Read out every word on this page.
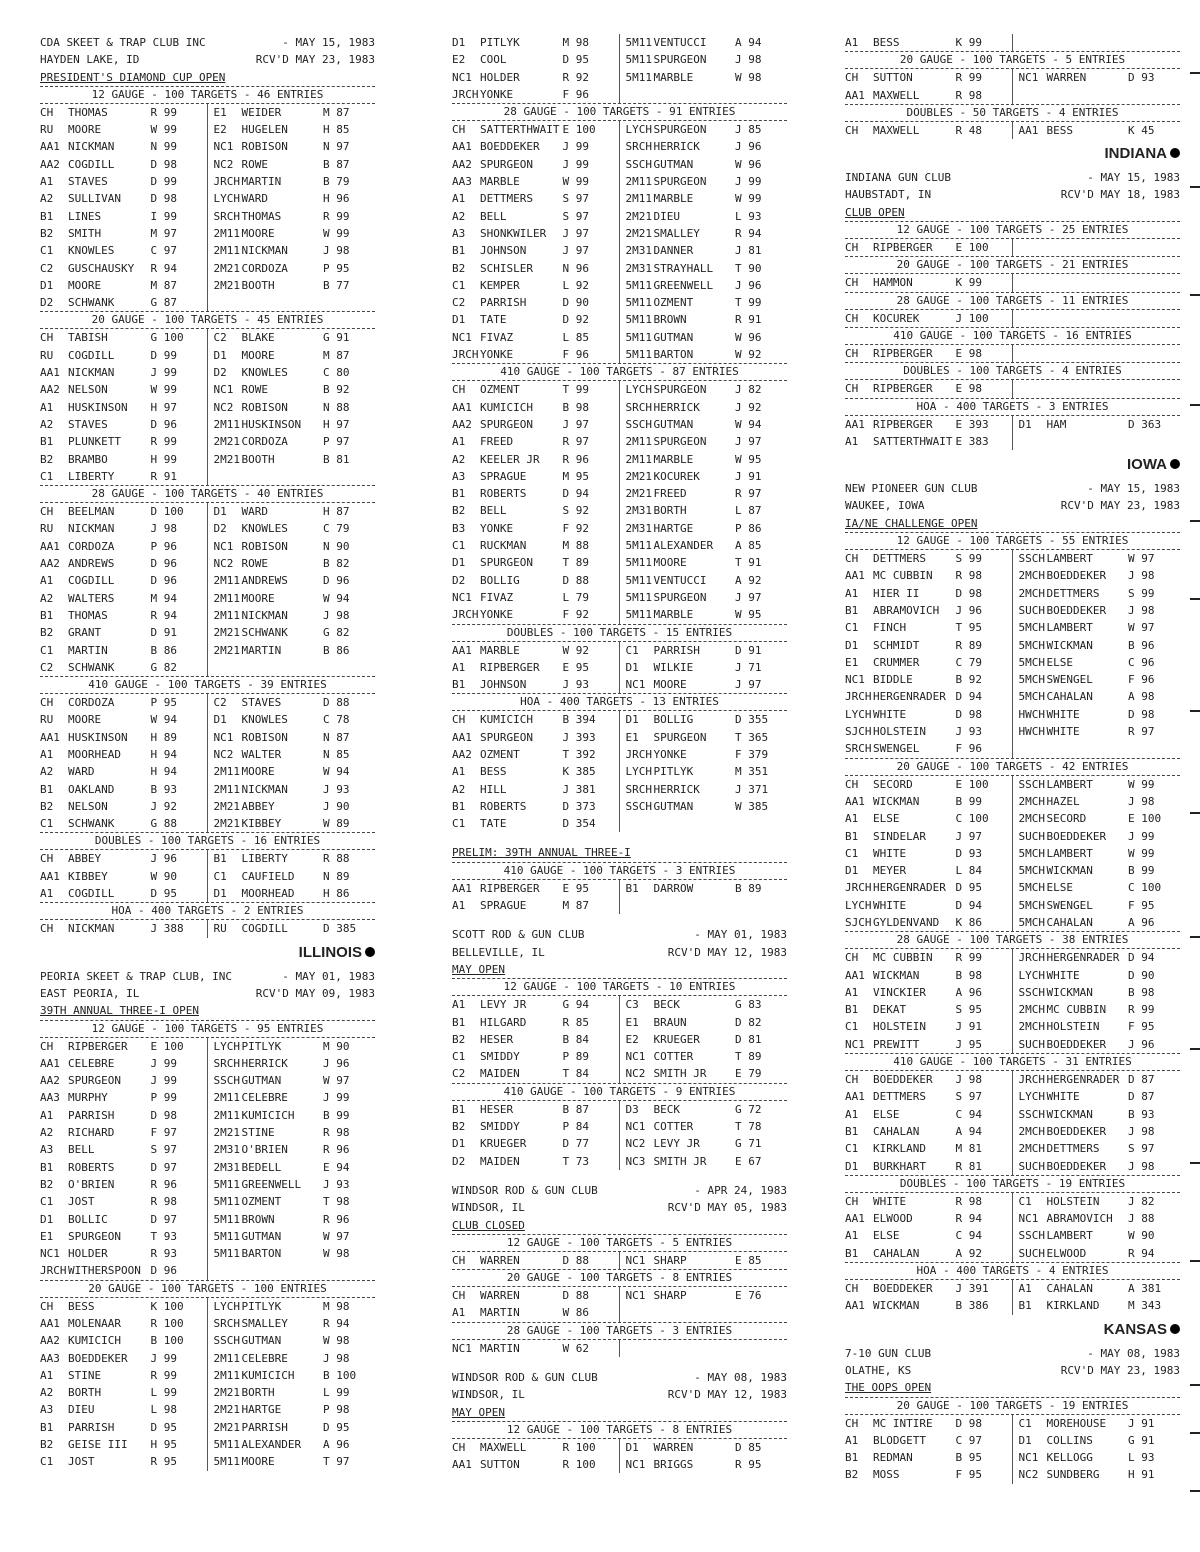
CDA SKEET & TRAP CLUB INC	- MAY 15, 1983
HAYDEN LAKE, ID	RCV'D MAY 23, 1983
PRESIDENT'S DIAMOND CUP OPEN
12 GAUGE - 100 TARGETS - 46 ENTRIES
CH	THOMAS	R 99	E1	WEIDER	M 87
RU	MOORE	W 99	E2	HUGELEN	H 85
AA1 NICKMAN	N 99	NC1 ROBISON	N 97
AA2 COGDILL	D 98	NC2 ROWE	B 87
A1	STAVES	D 99	JRCH MARTIN	B 79
A2	SULLIVAN	D 98	LYCH WARD	H 96
B1	LINES	I 99	SRCH THOMAS	R 99
B2	SMITH	M 97	2M11 MOORE	W 99
C1	KNOWLES	C 97	2M11 NICKMAN	J 98
C2	GUSCHAUSKY	R 94	2M21 CORDOZA	P 95
D1	MOORE	M 87	2M21 BOOTH	B 77
D2	SCHWANK	G 87
20 GAUGE - 100 TARGETS - 45 ENTRIES
CH	TABISH	G 100	C2	BLAKE	G 91
RU	COGDILL	D 99	D1	MOORE	M 87
AA1 NICKMAN	J 99	D2	KNOWLES	C 80
AA2 NELSON	W 99	NC1 ROWE	B 92
A1	HUSKINSON	H 97	NC2 ROBISON	N 88
A2	STAVES	D 96	2M11 HUSKINSON	H 97
B1	PLUNKETT	R 99	2M21 CORDOZA	P 97
B2	BRAMBO	H 99	2M21 BOOTH	B 81
C1	LIBERTY	R 91
28 GAUGE - 100 TARGETS - 40 ENTRIES
CH	BEELMAN	D 100	D1	WARD	H 87
RU	NICKMAN	J 98	D2	KNOWLES	C 79
AA1 CORDOZA	P 96	NC1 ROBISON	N 90
AA2 ANDREWS	D 96	NC2 ROWE	B 82
A1	COGDILL	D 96	2M11 ANDREWS	D 96
A2	WALTERS	M 94	2M11 MOORE	W 94
B1	THOMAS	R 94	2M11 NICKMAN	J 98
B2	GRANT	D 91	2M21 SCHWANK	G 82
C1	MARTIN	B 86	2M21 MARTIN	B 86
C2	SCHWANK	G 82
410 GAUGE - 100 TARGETS - 39 ENTRIES
CH	CORDOZA	P 95	C2	STAVES	D 88
RU	MOORE	W 94	D1	KNOWLES	C 78
AA1 HUSKINSON	H 89	NC1 ROBISON	N 87
A1	MOORHEAD	H 94	NC2 WALTER	N 85
A2	WARD	H 94	2M11 MOORE	W 94
B1	OAKLAND	B 93	2M11 NICKMAN	J 93
B2	NELSON	J 92	2M21 ABBEY	J 90
C1	SCHWANK	G 88	2M21 KIBBEY	W 89
DOUBLES - 100 TARGETS - 16 ENTRIES
CH	ABBEY	J 96	B1	LIBERTY	R 88
AA1 KIBBEY	W 90	C1	CAUFIELD	N 89
A1	COGDILL	D 95	D1	MOORHEAD	H 86
HOA - 400 TARGETS - 2 ENTRIES
CH	NICKMAN	J 388	RU	COGDILL	D 385
ILLINOIS
PEORIA SKEET & TRAP CLUB, INC	- MAY 01, 1983
EAST PEORIA, IL	RCV'D MAY 09, 1983
39TH ANNUAL THREE-I OPEN
12 GAUGE - 100 TARGETS - 95 ENTRIES
CH	RIPBERGER	E 100	LYCH PITLYK	M 90
AA1 CELEBRE	J 99	SRCH HERRICK	J 96
AA2 SPURGEON	J 99	SSCH GUTMAN	W 97
AA3 MURPHY	P 99	2M11 CELEBRE	J 99
A1	PARRISH	D 98	2M11 KUMICICH	B 99
A2	RICHARD	F 97	2M21 STINE	R 98
A3	BELL	S 97	2M31 O'BRIEN	R 96
B1	ROBERTS	D 97	2M31 BEDELL	E 94
B2	O'BRIEN	R 96	5M11 GREENWELL	J 93
C1	JOST	R 98	5M11 OZMENT	T 98
D1	BOLLIC	D 97	5M11 BROWN	R 96
E1	SPURGEON	T 93	5M11 GUTMAN	W 97
NC1 HOLDER	R 93	5M11 BARTON	W 98
JRCH WITHERSPOON D 96
20 GAUGE - 100 TARGETS - 100 ENTRIES
CH	BESS	K 100	LYCH PITLYK	M 98
AA1 MOLENAAR	R 100	SRCH SMALLEY	R 94
AA2 KUMICICH	B 100	SSCH GUTMAN	W 98
AA3 BOEDDEKER	J 99	2M11 CELEBRE	J 98
A1	STINE	R 99	2M11 KUMICICH	B 100
A2	BORTH	L 99	2M21 BORTH	L 99
A3	DIEU	L 98	2M21 HARTGE	P 98
B1	PARRISH	D 95	2M21 PARRISH	D 95
B2	GEISE III	H 95	5M11 ALEXANDER	A 96
C1	JOST	R 95	5M11 MOORE	T 97
D1	PITLYK	M 98	5M11 VENTUCCI	A 94
E2	COOL	D 95	5M11 SPURGEON	J 98
NC1 HOLDER	R 92	5M11 MARBLE	W 98
JRCH YONKE	F 96
28 GAUGE - 100 TARGETS - 91 ENTRIES
CH	SATTERTHWAIT E 100	LYCH SPURGEON	J 85
AA1 BOEDDEKER	J 99	SRCH HERRICK	J 96
AA2 SPURGEON	J 99	SSCH GUTMAN	W 96
AA3 MARBLE	W 99	2M11 SPURGEON	J 99
A1	DETTMERS	S 97	2M11 MARBLE	W 99
A2	BELL	S 97	2M21 DIEU	L 93
A3	SHONKWILER	J 97	2M21 SMALLEY	R 94
B1	JOHNSON	J 97	2M31 DANNER	J 81
B2	SCHISLER	N 96	2M31 STRAYHALL	T 90
C1	KEMPER	L 92	5M11 GREENWELL	J 96
C2	PARRISH	D 90	5M11 OZMENT	T 99
D1	TATE	D 92	5M11 BROWN	R 91
NC1 FIVAZ	L 85	5M11 GUTMAN	W 96
JRCH YONKE	F 96	5M11 BARTON	W 92
410 GAUGE - 100 TARGETS - 87 ENTRIES
CH	OZMENT	T 99	LYCH SPURGEON	J 82
AA1 KUMICICH	B 98	SRCH HERRICK	J 92
AA2 SPURGEON	J 97	SSCH GUTMAN	W 94
A1	FREED	R 97	2M11 SPURGEON	J 97
A2	KEELER JR	R 96	2M11 MARBLE	W 95
A3	SPRAGUE	M 95	2M21 KOCUREK	J 91
B1	ROBERTS	D 94	2M21 FREED	R 97
B2	BELL	S 92	2M31 BORTH	L 87
B3	YONKE	F 92	2M31 HARTGE	P 86
C1	RUCKMAN	M 88	5M11 ALEXANDER	A 85
D1	SPURGEON	T 89	5M11 MOORE	T 91
D2	BOLLIG	D 88	5M11 VENTUCCI	A 92
NC1 FIVAZ	L 79	5M11 SPURGEON	J 97
JRCH YONKE	F 92	5M11 MARBLE	W 95
DOUBLES - 100 TARGETS - 15 ENTRIES
AA1 MARBLE	W 92	C1	PARRISH	D 91
A1	RIPBERGER	E 95	D1	WILKIE	J 71
B1	JOHNSON	J 93	NC1 MOORE	J 97
HOA - 400 TARGETS - 13 ENTRIES
CH	KUMICICH	B 394	D1	BOLLIG	D 355
AA1 SPURGEON	J 393	E1	SPURGEON	T 365
AA2 OZMENT	T 392	JRCH YONKE	F 379
A1	BESS	K 385	LYCH PITLYK	M 351
A2	HILL	J 381	SRCH HERRICK	J 371
B1	ROBERTS	D 373	SSCH GUTMAN	W 385
C1	TATE	D 354
PRELIM: 39TH ANNUAL THREE-I
410 GAUGE - 100 TARGETS - 3 ENTRIES
AA1 RIPBERGER	E 95	B1	DARROW	B 89
A1	SPRAGUE	M 87
SCOTT ROD & GUN CLUB	- MAY 01, 1983
BELLEVILLE, IL	RCV'D MAY 12, 1983
MAY OPEN
12 GAUGE - 100 TARGETS - 10 ENTRIES
A1	LEVY JR	G 94	C3	BECK	G 83
B1	HILGARD	R 85	E1	BRAUN	D 82
B2	HESER	B 84	E2	KRUEGER	D 81
C1	SMIDDY	P 89	NC1 COTTER	T 89
C2	MAIDEN	T 84	NC2 SMITH JR	E 79
410 GAUGE - 100 TARGETS - 9 ENTRIES
B1	HESER	B 87	D3	BECK	G 72
B2	SMIDDY	P 84	NC1 COTTER	T 78
D1	KRUEGER	D 77	NC2 LEVY JR	G 71
D2	MAIDEN	T 73	NC3 SMITH JR	E 67
WINDSOR ROD & GUN CLUB	- APR 24, 1983
WINDSOR, IL	RCV'D MAY 05, 1983
CLUB CLOSED
12 GAUGE - 100 TARGETS - 5 ENTRIES
CH	WARREN	D 88	NC1 SHARP	E 85
20 GAUGE - 100 TARGETS - 8 ENTRIES
CH	WARREN	D 88	NC1 SHARP	E 76
A1	MARTIN	W 86
28 GAUGE - 100 TARGETS - 3 ENTRIES
NC1 MARTIN	W 62
WINDSOR ROD & GUN CLUB	- MAY 08, 1983
WINDSOR, IL	RCV'D MAY 12, 1983
MAY OPEN
12 GAUGE - 100 TARGETS - 8 ENTRIES
CH	MAXWELL	R 100	D1	WARREN	D 85
AA1 SUTTON	R 100	NC1 BRIGGS	R 95
A1	BESS	K 99
20 GAUGE - 100 TARGETS - 5 ENTRIES
CH	SUTTON	R 99	NC1 WARREN	D 93
AA1 MAXWELL	R 98
DOUBLES - 50 TARGETS - 4 ENTRIES
CH	MAXWELL	R 48	AA1 BESS	K 45
INDIANA
INDIANA GUN CLUB	- MAY 15, 1983
HAUBSTADT, IN	RCV'D MAY 18, 1983
CLUB OPEN
12 GAUGE - 100 TARGETS - 25 ENTRIES
CH	RIPBERGER	E 100
20 GAUGE - 100 TARGETS - 21 ENTRIES
CH	HAMMON	K 99
28 GAUGE - 100 TARGETS - 11 ENTRIES
CH	KOCUREK	J 100
410 GAUGE - 100 TARGETS - 16 ENTRIES
CH	RIPBERGER	E 98
DOUBLES - 100 TARGETS - 4 ENTRIES
CH	RIPBERGER	E 98
HOA - 400 TARGETS - 3 ENTRIES
AA1 RIPBERGER	E 393	D1	HAM	D 363
A1	SATTERTHWAIT E 383
IOWA
NEW PIONEER GUN CLUB	- MAY 15, 1983
WAUKEE, IOWA	RCV'D MAY 23, 1983
IA/NE CHALLENGE OPEN
12 GAUGE - 100 TARGETS - 55 ENTRIES
CH	DETTMERS	S 99	SSCH LAMBERT	W 97
AA1 MC CUBBIN	R 98	2MCH BOEDDEKER	J 98
A1	HIER II	D 98	2MCH DETTMERS	S 99
B1	ABRAMOVICH	J 96	SUCH BOEDDEKER	J 98
C1	FINCH	T 95	5MCH LAMBERT	W 97
D1	SCHMIDT	R 89	5MCH WICKMAN	B 96
E1	CRUMMER	C 79	5MCH ELSE	C 96
NC1 BIDDLE	B 92	5MCH SWENGEL	F 96
JRCH HERGENRADER D 94	5MCH CAHALAN	A 98
LYCH WHITE	D 98	HWCH WHITE	D 98
SJCH HOLSTEIN	J 93	HWCH WHITE	R 97
SRCH SWENGEL	F 96
20 GAUGE - 100 TARGETS - 42 ENTRIES
CH	SECORD	E 100	SSCH LAMBERT	W 99
AA1 WICKMAN	B 99	2MCH HAZEL	J 98
A1	ELSE	C 100	2MCH SECORD	E 100
B1	SINDELAR	J 97	SUCH BOEDDEKER	J 99
C1	WHITE	D 93	5MCH LAMBERT	W 99
D1	MEYER	L 84	5MCH WICKMAN	B 99
JRCH HERGENRADER D 95	5MCH ELSE	C 100
LYCH WHITE	D 94	5MCH SWENGEL	F 95
SJCH GYLDENVAND	K 86	5MCH CAHALAN	A 96
28 GAUGE - 100 TARGETS - 38 ENTRIES
CH	MC CUBBIN	R 99	JRCH HERGENRADER D 94
AA1 WICKMAN	B 98	LYCH WHITE	D 90
A1	VINCKIER	A 96	SSCH WICKMAN	B 98
B1	DEKAT	S 95	2MCH MC CUBBIN	R 99
C1	HOLSTEIN	J 91	2MCH HOLSTEIN	F 95
NC1 PREWITT	J 95	SUCH BOEDDEKER	J 96
410 GAUGE - 100 TARGETS - 31 ENTRIES
CH	BOEDDEKER	J 98	JRCH HERGENRADER D 87
AA1 DETTMERS	S 97	LYCH WHITE	D 87
A1	ELSE	C 94	SSCH WICKMAN	B 93
B1	CAHALAN	A 94	2MCH BOEDDEKER	J 98
C1	KIRKLAND	M 81	2MCH DETTMERS	S 97
D1	BURKHART	R 81	SUCH BOEDDEKER	J 98
DOUBLES - 100 TARGETS - 19 ENTRIES
CH	WHITE	R 98	C1	HOLSTEIN	J 82
AA1 ELWOOD	R 94	NC1 ABRAMOVICH	J 88
A1	ELSE	C 94	SSCH LAMBERT	W 90
B1	CAHALAN	A 92	SUCH ELWOOD	R 94
HOA - 400 TARGETS - 4 ENTRIES
CH	BOEDDEKER	J 391	A1	CAHALAN	A 381
AA1 WICKMAN	B 386	B1	KIRKLAND	M 343
KANSAS
7-10 GUN CLUB	- MAY 08, 1983
OLATHE, KS	RCV'D MAY 23, 1983
THE OOPS OPEN
20 GAUGE - 100 TARGETS - 19 ENTRIES
CH	MC INTIRE	D 98	C1	MOREHOUSE	J 91
A1	BLODGETT	C 97	D1	COLLINS	G 91
B1	REDMAN	B 95	NC1 KELLOGG	L 93
B2	MOSS	F 95	NC2 SUNDBERG	H 91
